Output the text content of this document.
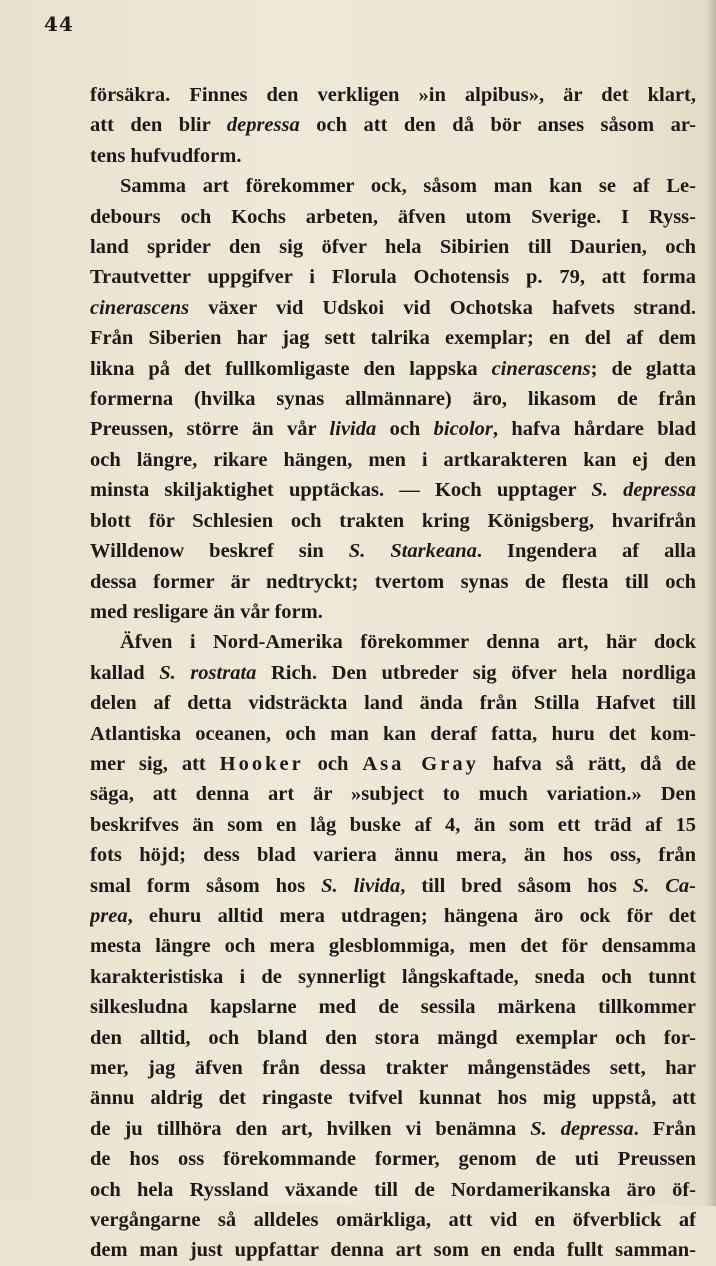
44
försäkra. Finnes den verkligen »in alpibus», är det klart,
att den blir depressa och att den då bör anses såsom ar-
tens hufvudform.
Samma art förekommer ock, såsom man kan se af Le-
debours och Kochs arbeten, äfven utom Sverige. I Ryss-
land sprider den sig öfver hela Sibirien till Daurien, och
Trautvetter uppgifver i Florula Ochotensis p. 79, att forma
cinerascens växer vid Udskoi vid Ochotska hafvets strand.
Från Siberien har jag sett talrika exemplar; en del af dem
likna på det fullkomligaste den lappska cinerascens; de glatta
formerna (hvilka synas allmännare) äro, likasom de från
Preussen, större än vår livida och bicolor, hafva hårdare blad
och längre, rikare hängen, men i artkarakteren kan ej den
minsta skiljaktighet upptäckas. — Koch upptager S. depressa
blott för Schlesien och trakten kring Königsberg, hvarifrån
Willdenow beskref sin S. Starkeana. Ingendera af alla
dessa former är nedtryckt; tvertom synas de flesta till och
med resligare än vår form.
Äfven i Nord-Amerika förekommer denna art, här dock
kallad S. rostrata Rich. Den utbreder sig öfver hela nordliga
delen af detta vidsträckta land ända från Stilla Hafvet till
Atlantiska oceanen, och man kan deraf fatta, huru det kom-
mer sig, att Hooker och Asa Gray hafva så rätt, då de
säga, att denna art är »subject to much variation.» Den
beskrifves än som en låg buske af 4, än som ett träd af 15
fots höjd; dess blad variera ännu mera, än hos oss, från
smal form såsom hos S. livida, till bred såsom hos S. Ca-
prea, ehuru alltid mera utdragen; hängena äro ock för det
mesta längre och mera glesblommiga, men det för densamma
karakteristiska i de synnerligt långskaftade, sneda och tunnt
silkesludna kapslarne med de sessila märkena tillkommer
den alltid, och bland den stora mängd exemplar och for-
mer, jag äfven från dessa trakter mångenstädes sett, har
ännu aldrig det ringaste tvifvel kunnat hos mig uppstå, att
de ju tillhöra den art, hvilken vi benämna S. depressa. Från
de hos oss förekommande former, genom de uti Preussen
och hela Ryssland växande till de Nordamerikanska äro öf-
vergångarne så alldeles omärkliga, att vid en öfverblick af
dem man just uppfattar denna art som en enda fullt samman-
